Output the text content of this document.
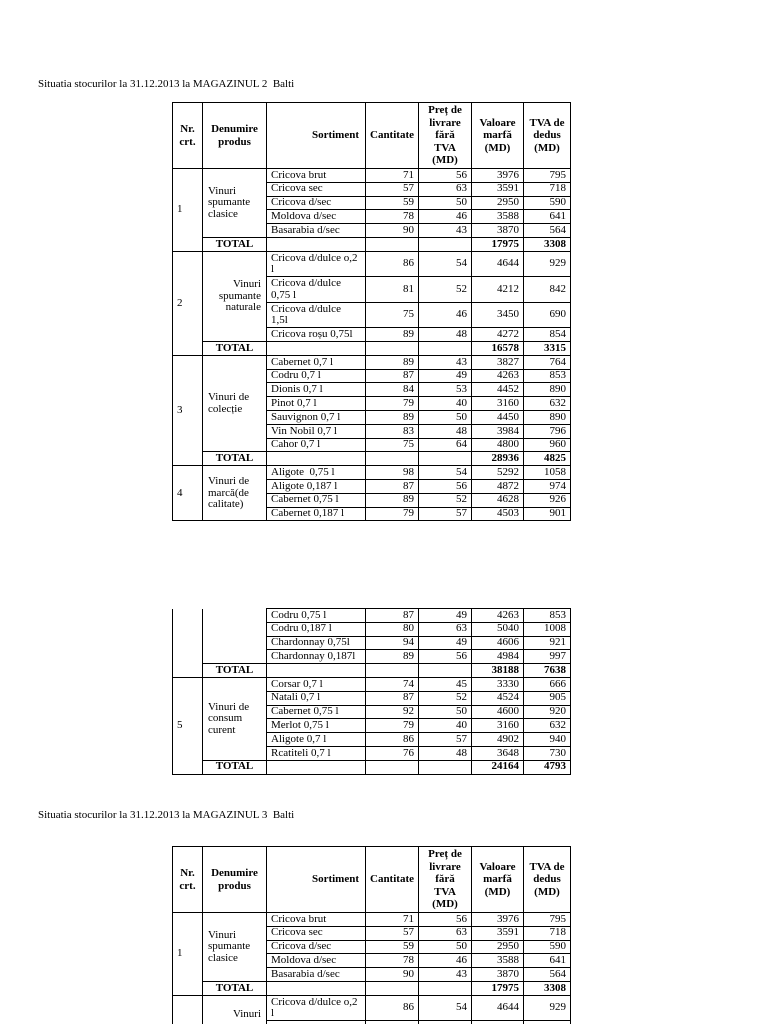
Situatia stocurilor la 31.12.2013 la MAGAZINUL 2  Balti
Nr.
crt.	Denumire
produs	Sortiment	Cantitate	Preț de
livrare
fără
TVA
(MD)	Valoare
marfă
(MD)	TVA de
dedus
(MD)
1	Vinuri spumante clasice	Cricova brut	71	56	3976	795
		Cricova sec	57	63	3591	718
		Cricova d/sec	59	50	2950	590
		Moldova d/sec	78	46	3588	641
		Basarabia d/sec	90	43	3870	564
	TOTAL				17975	3308
2	Vinuri spumante naturale	Cricova d/dulce o,2
l	86	54	4644	929
		Cricova d/dulce
0,75 l	81	52	4212	842
		Cricova d/dulce
1,5l	75	46	3450	690
		Cricova roșu 0,75l	89	48	4272	854
	TOTAL				16578	3315
3	Vinuri de colecție	Cabernet 0,7 l	89	43	3827	764
		Codru 0,7 l	87	49	4263	853
		Dionis 0,7 l	84	53	4452	890
		Pinot 0,7 l	79	40	3160	632
		Sauvignon 0,7 l	89	50	4450	890
		Vin Nobil 0,7 l	83	48	3984	796
		Cahor 0,7 l	75	64	4800	960
	TOTAL				28936	4825
4	Vinuri de marcă(de calitate)	Aligote  0,75 l	98	54	5292	1058
		Aligote 0,187 l	87	56	4872	974
		Cabernet 0,75 l	89	52	4628	926
		Cabernet 0,187 l	79	57	4503	901
		Codru 0,75 l	87	49	4263	853
		Codru 0,187 l	80	63	5040	1008
		Chardonnay 0,75l	94	49	4606	921
		Chardonnay 0,187l	89	56	4984	997
	TOTAL				38188	7638
5	Vinuri de consum curent	Corsar 0,7 l	74	45	3330	666
		Natali 0,7 l	87	52	4524	905
		Cabernet 0,75 l	92	50	4600	920
		Merlot 0,75 l	79	40	3160	632
		Aligote 0,7 l	86	57	4902	940
		Rcatiteli 0,7 l	76	48	3648	730
	TOTAL				24164	4793
Situatia stocurilor la 31.12.2013 la MAGAZINUL 3  Balti
Nr.
crt.	Denumire
produs	Sortiment	Cantitate	Preț de
livrare
fără
TVA
(MD)	Valoare
marfă
(MD)	TVA de
dedus
(MD)
1	Vinuri spumante clasice	Cricova brut	71	56	3976	795
		Cricova sec	57	63	3591	718
		Cricova d/sec	59	50	2950	590
		Moldova d/sec	78	46	3588	641
		Basarabia d/sec	90	43	3870	564
	TOTAL				17975	3308
	Vinuri	Cricova d/dulce o,2
l	86	54	4644	929
